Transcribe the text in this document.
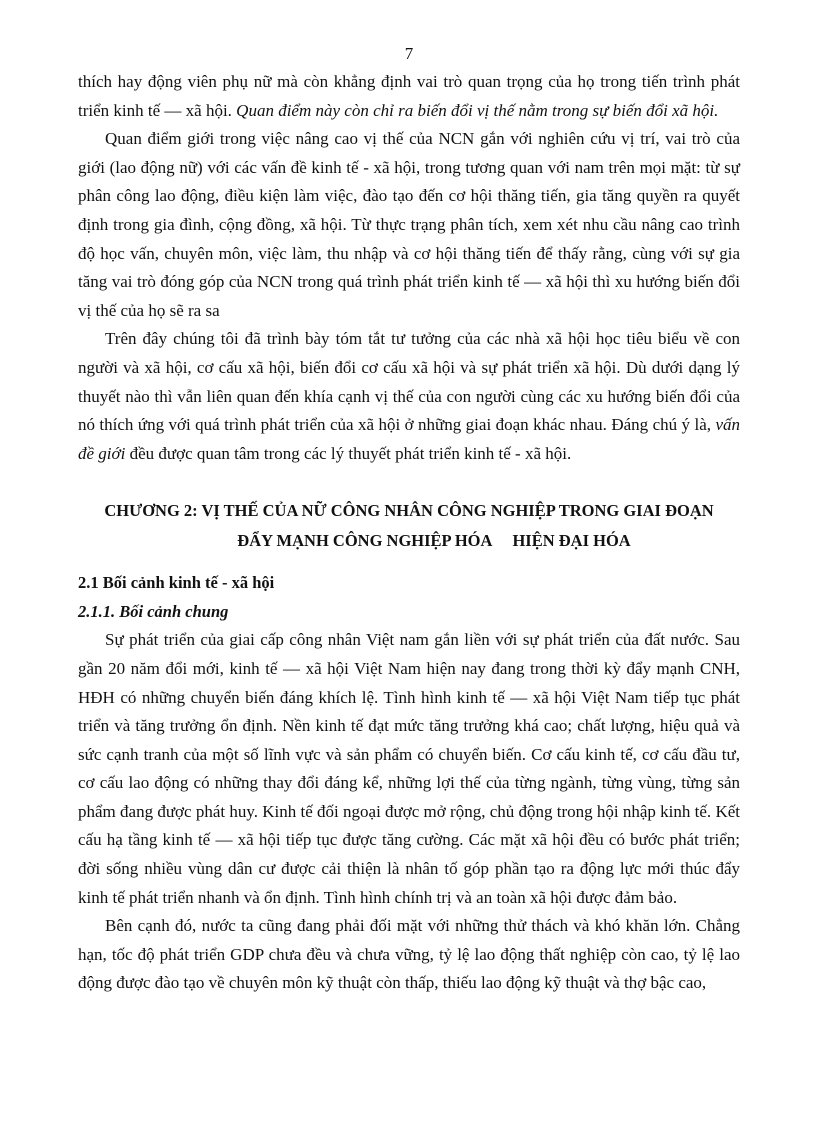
7

thích hay động viên phụ nữ mà còn khẳng định vai trò quan trọng của họ trong tiến trình phát triển kinh tế — xã hội. Quan điểm này còn chỉ ra biến đổi vị thế nằm trong sự biến đổi xã hội.

Quan điểm giới trong việc nâng cao vị thế của NCN gắn với nghiên cứu vị trí, vai trò của giới (lao động nữ) với các vấn đề kinh tế - xã hội, trong tương quan với nam trên mọi mặt: từ sự phân công lao động, điều kiện làm việc, đào tạo đến cơ hội thăng tiến, gia tăng quyền ra quyết định trong gia đình, cộng đồng, xã hội. Từ thực trạng phân tích, xem xét nhu cầu nâng cao trình độ học vấn, chuyên môn, việc làm, thu nhập và cơ hội thăng tiến để thấy rằng, cùng với sự gia tăng vai trò đóng góp của NCN trong quá trình phát triển kinh tế — xã hội thì xu hướng biến đổi vị thế của họ sẽ ra sa

Trên đây chúng tôi đã trình bày tóm tắt tư tưởng của các nhà xã hội học tiêu biểu về con người và xã hội, cơ cấu xã hội, biến đổi cơ cấu xã hội và sự phát triển xã hội. Dù dưới dạng lý thuyết nào thì vẫn liên quan đến khía cạnh vị thế của con người cùng các xu hướng biến đổi của nó thích ứng với quá trình phát triển của xã hội ở những giai đoạn khác nhau. Đáng chú ý là, vấn đề giới đều được quan tâm trong các lý thuyết phát triển kinh tế - xã hội.

CHƯƠNG 2: VỊ THẾ CỦA NỮ CÔNG NHÂN CÔNG NGHIỆP TRONG GIAI ĐOẠN
ĐẨY MẠNH CÔNG NGHIỆP HÓA HIỆN ĐẠI HÓA
2.1 Bối cảnh kinh tế - xã hội
2.1.1. Bối cảnh chung

Sự phát triển của giai cấp công nhân Việt nam gắn liền với sự phát triển của đất nước. Sau gần 20 năm đổi mới, kinh tế — xã hội Việt Nam hiện nay đang trong thời kỳ đẩy mạnh CNH, HĐH có những chuyển biến đáng khích lệ. Tình hình kinh tế — xã hội Việt Nam tiếp tục phát triển và tăng trưởng ổn định. Nền kinh tế đạt mức tăng trưởng khá cao; chất lượng, hiệu quả và sức cạnh tranh của một số lĩnh vực và sản phẩm có chuyển biến. Cơ cấu kinh tế, cơ cấu đầu tư, cơ cấu lao động có những thay đổi đáng kể, những lợi thế của từng ngành, từng vùng, từng sản phẩm đang được phát huy. Kinh tế đối ngoại được mở rộng, chủ động trong hội nhập kinh tế. Kết cấu hạ tầng kinh tế — xã hội tiếp tục được tăng cường. Các mặt xã hội đều có bước phát triển; đời sống nhiều vùng dân cư được cải thiện là nhân tố góp phần tạo ra động lực mới thúc đẩy kinh tế phát triển nhanh và ổn định. Tình hình chính trị và an toàn xã hội được đảm bảo.

Bên cạnh đó, nước ta cũng đang phải đối mặt với những thử thách và khó khăn lớn. Chẳng hạn, tốc độ phát triển GDP chưa đều và chưa vững, tỷ lệ lao động thất nghiệp còn cao, tỷ lệ lao động được đào tạo về chuyên môn kỹ thuật còn thấp, thiếu lao động kỹ thuật và thợ bậc cao,
